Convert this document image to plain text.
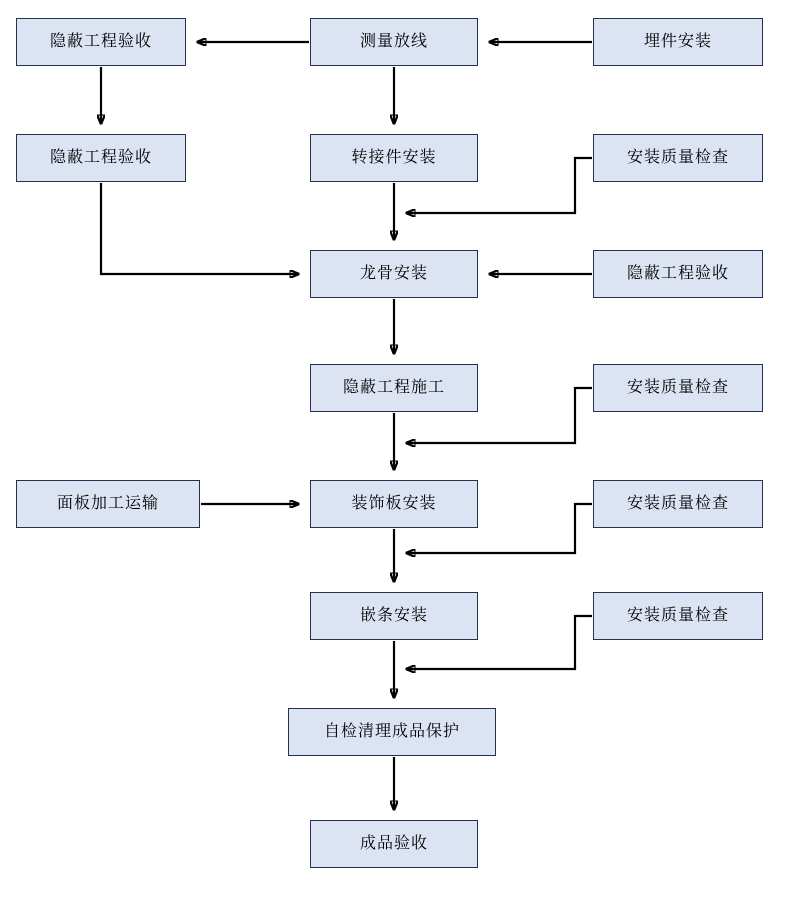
隐蔽工程验收	测量放线	埋件安装
隐蔽工程验收	转接件安装	安装质量检查
龙骨安装	隐蔽工程验收
隐蔽工程施工	安装质量检查
面板加工运输	装饰板安装	安装质量检查
嵌条安装	安装质量检查
自检清理成品保护
成品验收
